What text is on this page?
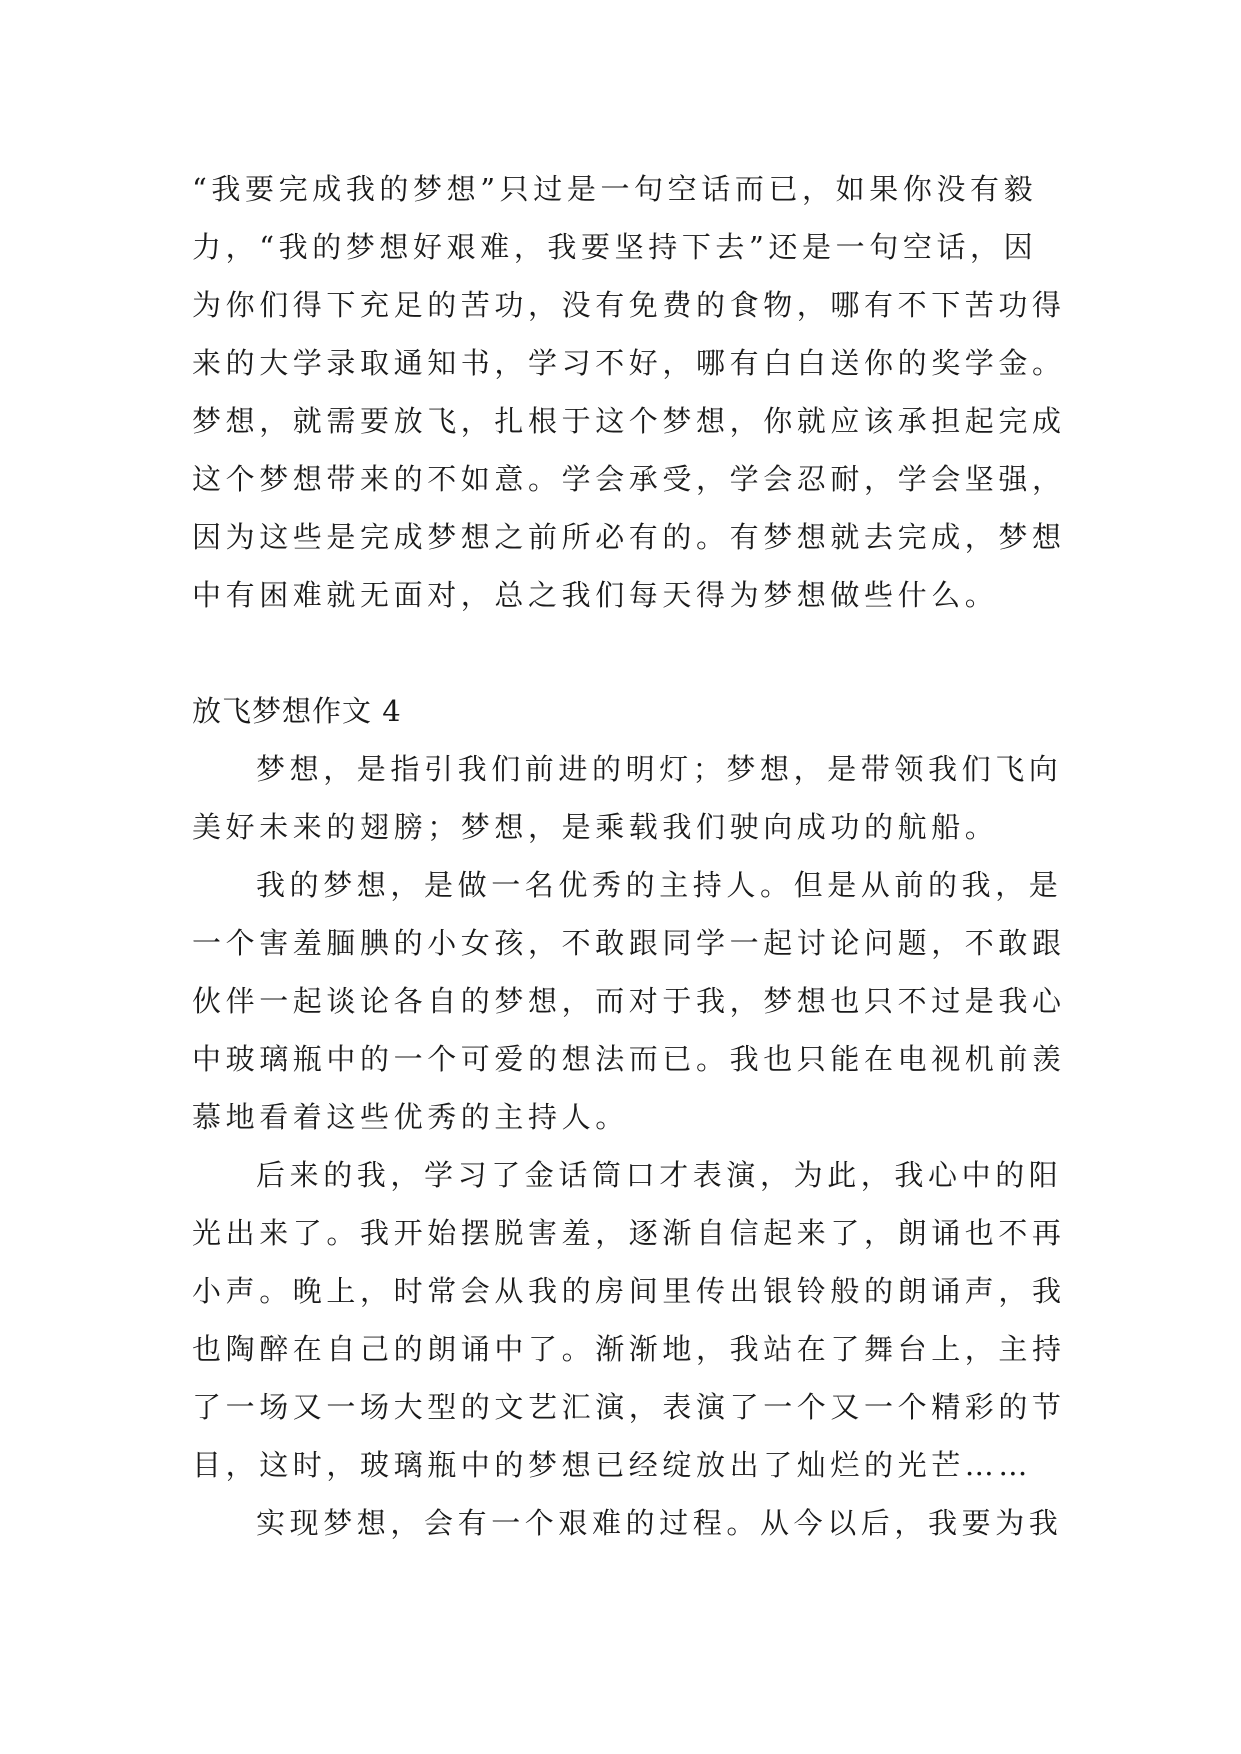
“我要完成我的梦想”只过是一句空话而已，如果你没有毅
力，“我的梦想好艰难，我要坚持下去”还是一句空话，因
为你们得下充足的苦功，没有免费的食物，哪有不下苦功得
来的大学录取通知书，学习不好，哪有白白送你的奖学金。
梦想，就需要放飞，扎根于这个梦想，你就应该承担起完成
这个梦想带来的不如意。学会承受，学会忍耐，学会坚强，
因为这些是完成梦想之前所必有的。有梦想就去完成，梦想
中有困难就无面对，总之我们每天得为梦想做些什么。
放飞梦想作文 4
梦想，是指引我们前进的明灯；梦想，是带领我们飞向
美好未来的翅膀；梦想，是乘载我们驶向成功的航船。
我的梦想，是做一名优秀的主持人。但是从前的我，是
一个害羞腼腆的小女孩，不敢跟同学一起讨论问题，不敢跟
伙伴一起谈论各自的梦想，而对于我，梦想也只不过是我心
中玻璃瓶中的一个可爱的想法而已。我也只能在电视机前羡
慕地看着这些优秀的主持人。
后来的我，学习了金话筒口才表演，为此，我心中的阳
光出来了。我开始摆脱害羞，逐渐自信起来了，朗诵也不再
小声。晚上，时常会从我的房间里传出银铃般的朗诵声，我
也陶醉在自己的朗诵中了。渐渐地，我站在了舞台上，主持
了一场又一场大型的文艺汇演，表演了一个又一个精彩的节
目，这时，玻璃瓶中的梦想已经绽放出了灿烂的光芒……
实现梦想，会有一个艰难的过程。从今以后，我要为我
